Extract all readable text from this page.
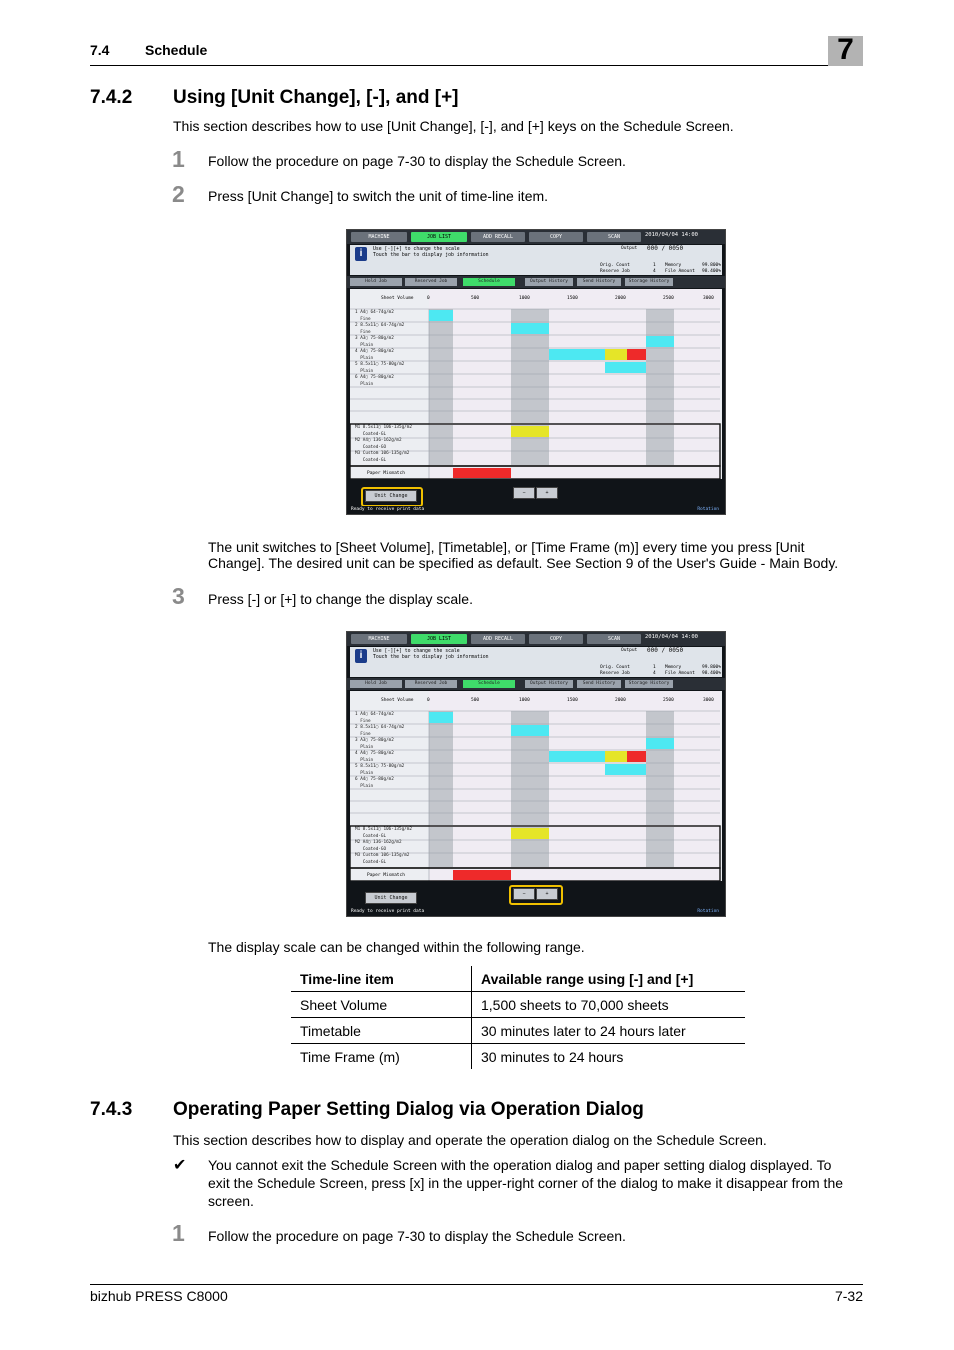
7.4	Schedule	7
7.4.2 Using [Unit Change], [-], and [+]
This section describes how to use [Unit Change], [-], and [+] keys on the Schedule Screen.
1 Follow the procedure on page 7-30 to display the Schedule Screen.
2 Press [Unit Change] to switch the unit of time-line item.
MACHINE	JOB LIST	ADD RECALL	COPY	SCAN	2010/04/04 14:00
i	Use [-][+] to change the scale
Touch the bar to display job information
Output 000 ∕ 0050
Orig. Count	1 Memory	99.800%
Reserve Job	4 File Amount 98.400%
Hold Job	Reserved Job	Schedule	Output History	Send History	Storage History
Sheet Volume	0	500	1000	1500	2000	2500	3000
1 A4▢ 64-74g/m2
Fine
2 8.5x11▢ 64-74g/m2
Fine
3 A3▢ 75-80g/m2
Plain
4 A4▢ 75-80g/m2
Plain
5 8.5x11▢ 75-80g/m2
Plain
6 A4▢ 75-80g/m2
Plain
M1 8.5x11▢ 106-135g/m2
Coated-GL
M2 A4▢ 136-162g/m2
Coated-GO
M3 Custom 106-135g/m2
Coated-GL
Paper Mismatch
Unit Change	−	+
Ready to receive print data	Rotation
The unit switches to [Sheet Volume], [Timetable], or [Time Frame (m)] every time you press [Unit
Change]. The desired unit can be specified as default. See Section 9 of the User's Guide - Main Body.
3 Press [-] or [+] to change the display scale.
MACHINE	JOB LIST	ADD RECALL	COPY	SCAN	2010/04/04 14:00
i	Use [-][+] to change the scale
Touch the bar to display job information
Output 000 ∕ 0050
Orig. Count	1 Memory	99.800%
Reserve Job	4 File Amount 98.400%
Hold Job	Reserved Job	Schedule	Output History	Send History	Storage History
Sheet Volume	0	500	1000	1500	2000	2500	3000
1 A4▢ 64-74g/m2
Fine
2 8.5x11▢ 64-74g/m2
Fine
3 A3▢ 75-80g/m2
Plain
4 A4▢ 75-80g/m2
Plain
5 8.5x11▢ 75-80g/m2
Plain
6 A4▢ 75-80g/m2
Plain
M1 8.5x11▢ 106-135g/m2
Coated-GL
M2 A4▢ 136-162g/m2
Coated-GO
M3 Custom 106-135g/m2
Coated-GL
Paper Mismatch
Unit Change
−	+
Ready to receive print data	Rotation
The display scale can be changed within the following range.
Time-line item	Available range using [-] and [+]
Sheet Volume	1,500 sheets to 70,000 sheets
Timetable	30 minutes later to 24 hours later
Time Frame (m)	30 minutes to 24 hours
7.4.3 Operating Paper Setting Dialog via Operation Dialog
This section describes how to display and operate the operation dialog on the Schedule Screen.
✔ You cannot exit the Schedule Screen with the operation dialog and paper setting dialog displayed. To
exit the Schedule Screen, press [x] in the upper-right corner of the dialog to make it disappear from the
screen.
1 Follow the procedure on page 7-30 to display the Schedule Screen.
bizhub PRESS C8000	7-32
